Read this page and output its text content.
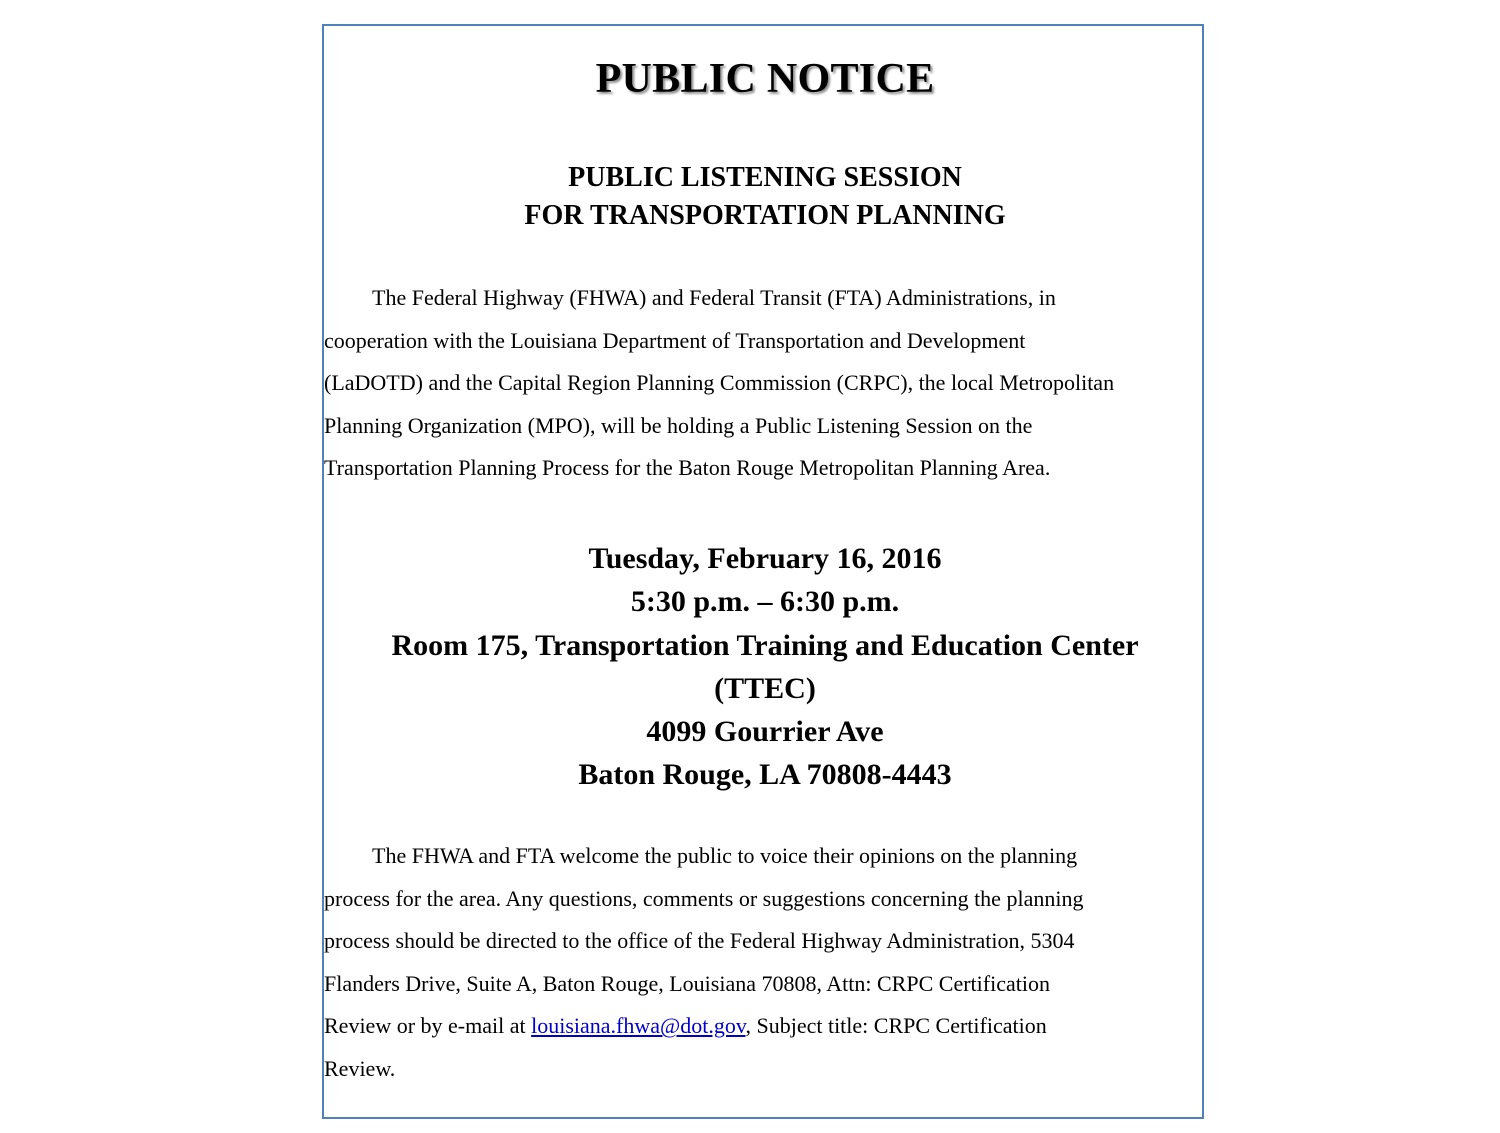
PUBLIC NOTICE
PUBLIC LISTENING SESSION
FOR TRANSPORTATION PLANNING
The Federal Highway (FHWA) and Federal Transit (FTA) Administrations, in
cooperation with the Louisiana Department of Transportation and Development
(LaDOTD) and the Capital Region Planning Commission (CRPC), the local Metropolitan
Planning Organization (MPO), will be holding a Public Listening Session on the
Transportation Planning Process for the Baton Rouge Metropolitan Planning Area.
Tuesday, February 16, 2016
5:30 p.m. – 6:30 p.m.
Room 175, Transportation Training and Education Center
(TTEC)
4099 Gourrier Ave
Baton Rouge, LA 70808-4443
The FHWA and FTA welcome the public to voice their opinions on the planning
process for the area. Any questions, comments or suggestions concerning the planning
process should be directed to the office of the Federal Highway Administration, 5304
Flanders Drive, Suite A, Baton Rouge, Louisiana 70808, Attn: CRPC Certification
Review or by e-mail at louisiana.fhwa@dot.gov, Subject title: CRPC Certification
Review.
